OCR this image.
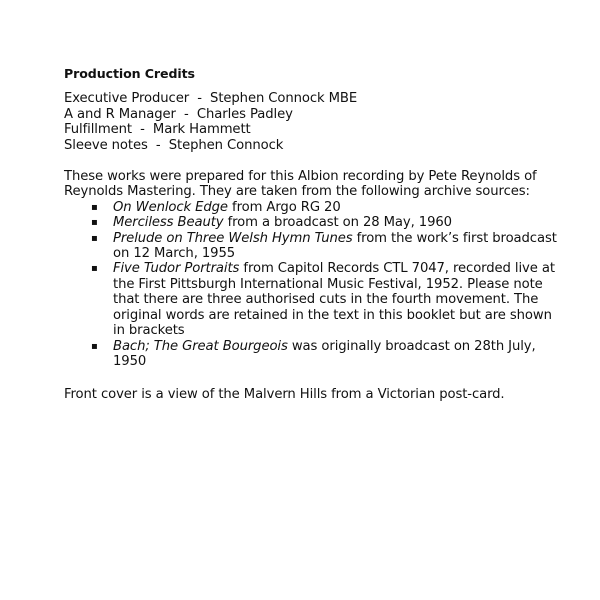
Production Credits
Executive Producer  -  Stephen Connock MBE
A and R Manager  -  Charles Padley
Fulfillment  -  Mark Hammett
Sleeve notes  -  Stephen Connock

These works were prepared for this Albion recording by Pete Reynolds of Reynolds Mastering. They are taken from the following archive sources:

▪ On Wenlock Edge from Argo RG 20
▪ Merciless Beauty from a broadcast on 28 May, 1960
▪ Prelude on Three Welsh Hymn Tunes from the work’s first broadcast on 12 March, 1955
▪ Five Tudor Portraits from Capitol Records CTL 7047, recorded live at the First Pittsburgh International Music Festival, 1952. Please note that there are three authorised cuts in the fourth movement. The original words are retained in the text in this booklet but are shown in brackets
▪ Bach; The Great Bourgeois was originally broadcast on 28th July, 1950

Front cover is a view of the Malvern Hills from a Victorian post-card.
